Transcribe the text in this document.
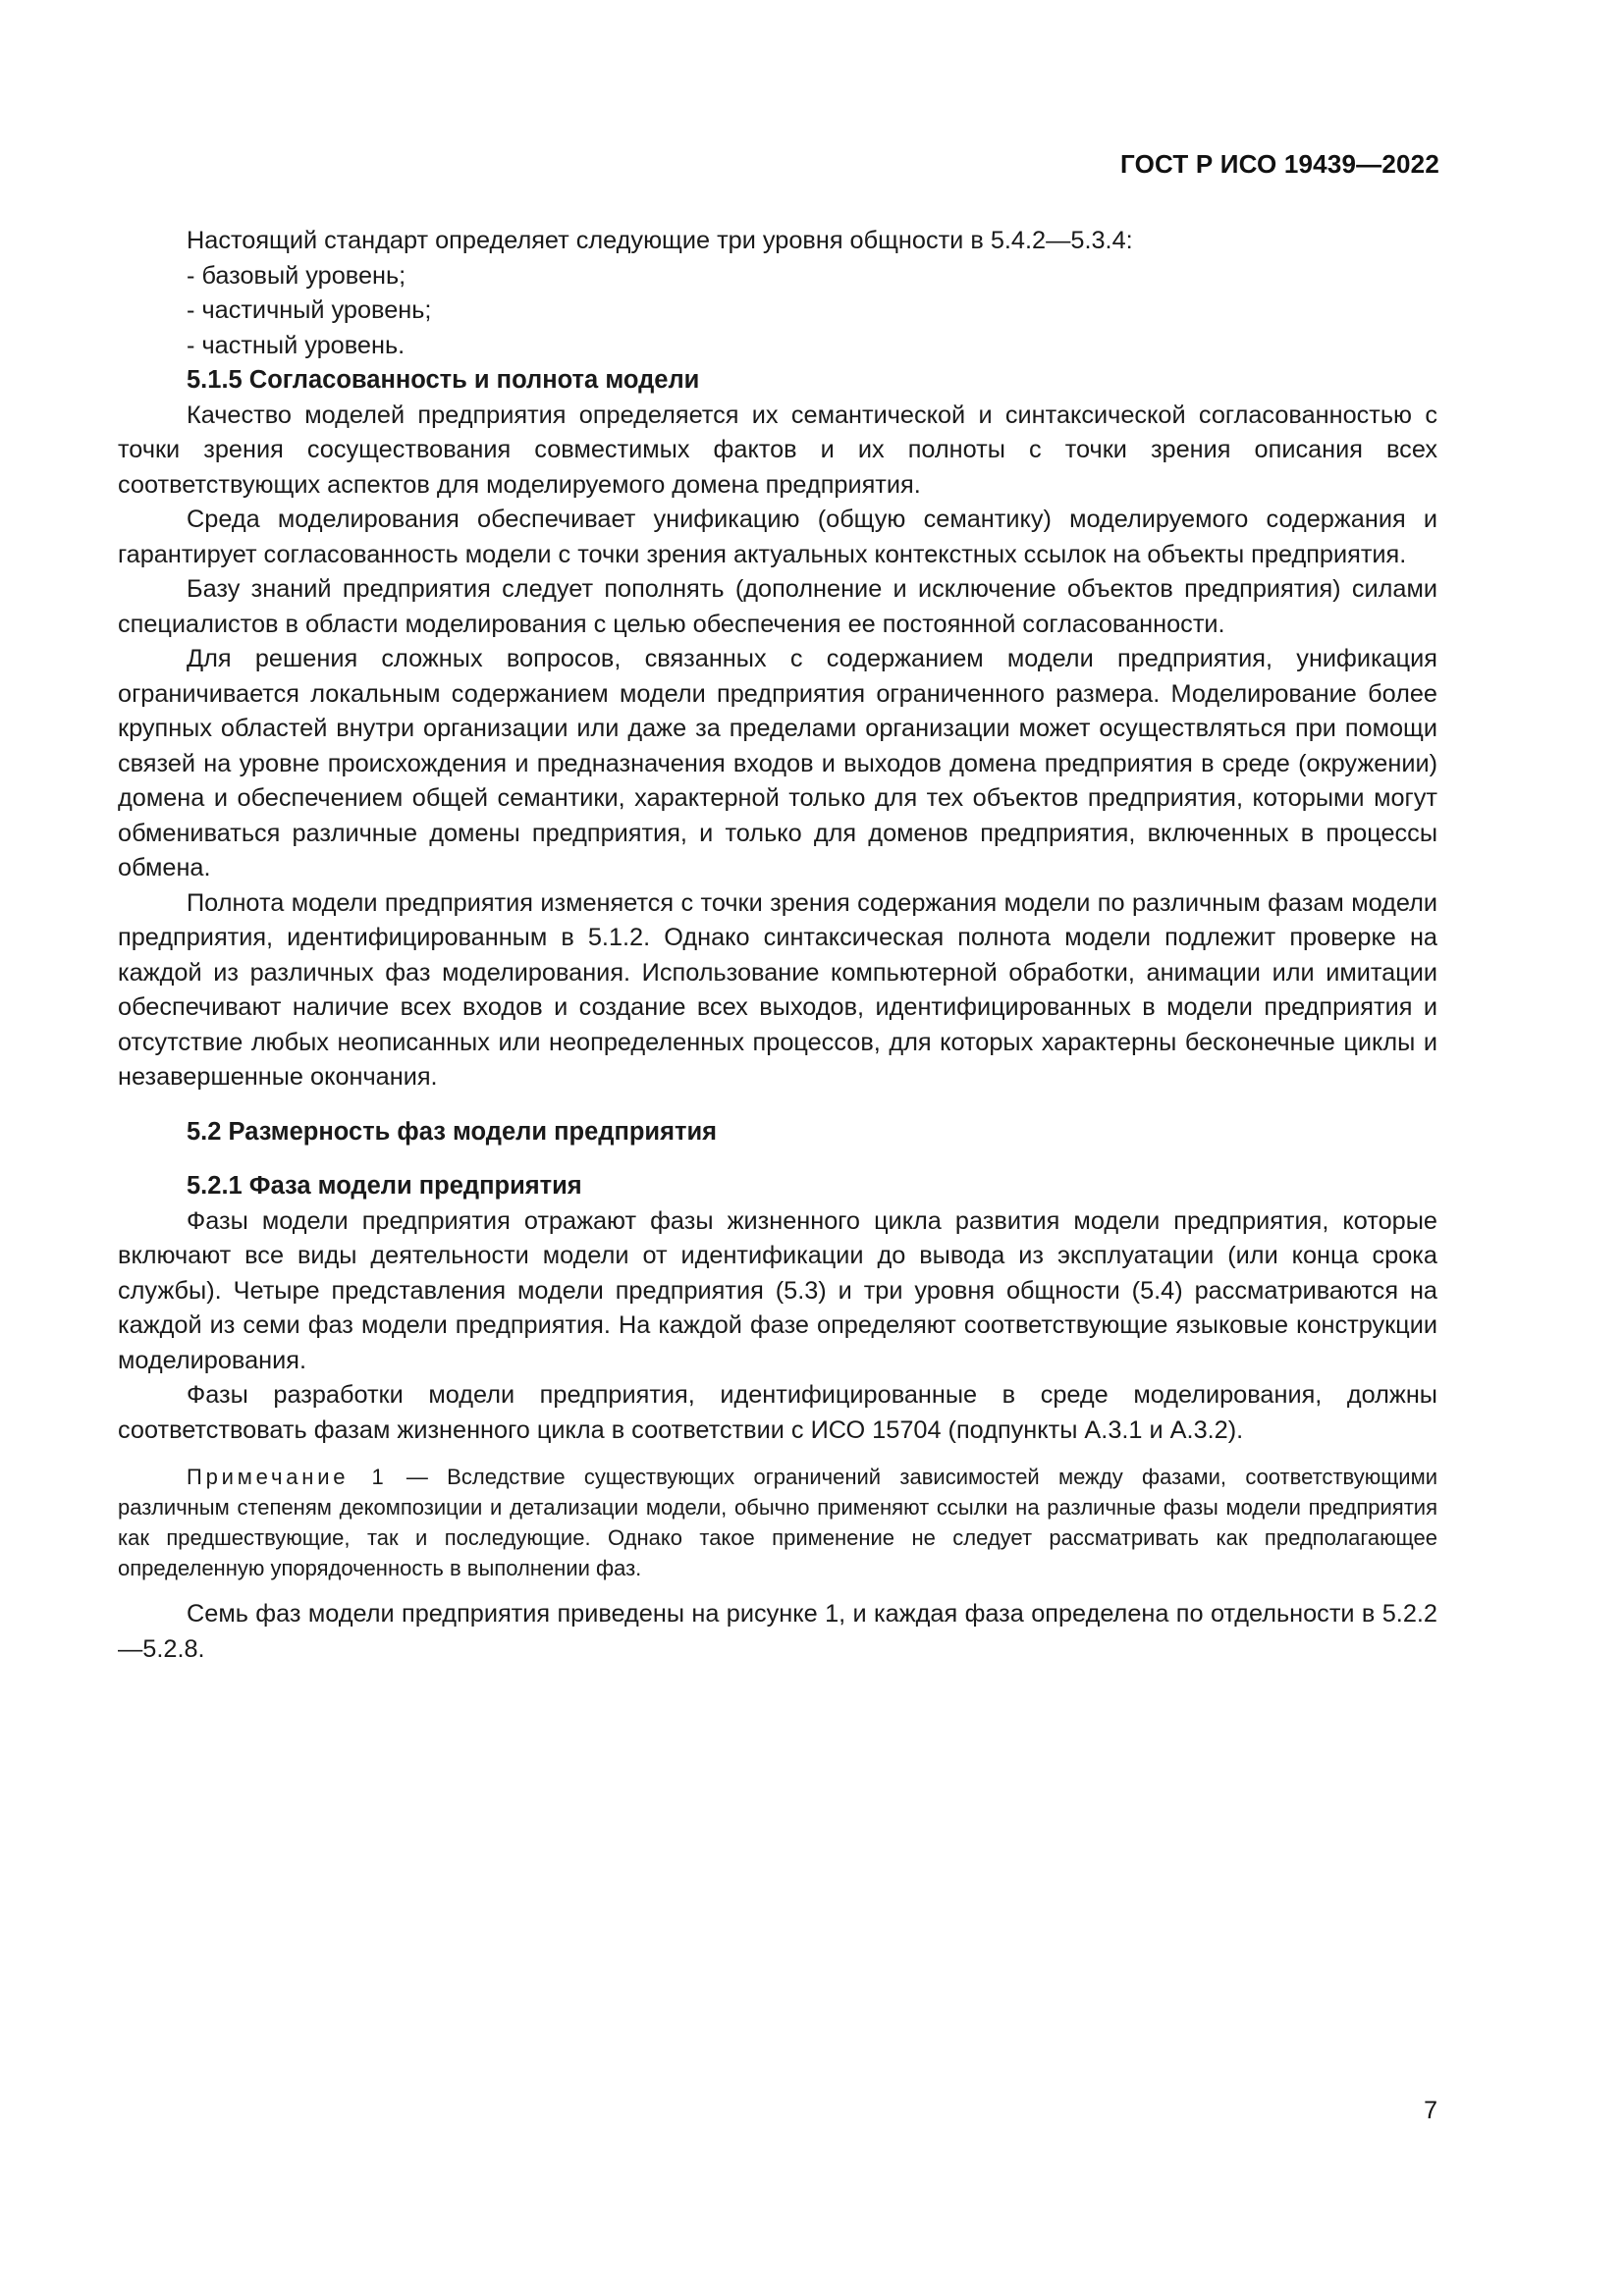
ГОСТ Р ИСО 19439—2022

Настоящий стандарт определяет следующие три уровня общности в 5.4.2—5.3.4:

- базовый уровень;
- частичный уровень;
- частный уровень.

5.1.5 Согласованность и полнота модели

Качество моделей предприятия определяется их семантической и синтаксической согласованностью с точки зрения сосуществования совместимых фактов и их полноты с точки зрения описания всех соответствующих аспектов для моделируемого домена предприятия.

Среда моделирования обеспечивает унификацию (общую семантику) моделируемого содержания и гарантирует согласованность модели с точки зрения актуальных контекстных ссылок на объекты предприятия.

Базу знаний предприятия следует пополнять (дополнение и исключение объектов предприятия) силами специалистов в области моделирования с целью обеспечения ее постоянной согласованности.

Для решения сложных вопросов, связанных с содержанием модели предприятия, унификация ограничивается локальным содержанием модели предприятия ограниченного размера. Моделирование более крупных областей внутри организации или даже за пределами организации может осуществляться при помощи связей на уровне происхождения и предназначения входов и выходов домена предприятия в среде (окружении) домена и обеспечением общей семантики, характерной только для тех объектов предприятия, которыми могут обмениваться различные домены предприятия, и только для доменов предприятия, включенных в процессы обмена.

Полнота модели предприятия изменяется с точки зрения содержания модели по различным фазам модели предприятия, идентифицированным в 5.1.2. Однако синтаксическая полнота модели подлежит проверке на каждой из различных фаз моделирования. Использование компьютерной обработки, анимации или имитации обеспечивают наличие всех входов и создание всех выходов, идентифицированных в модели предприятия и отсутствие любых неописанных или неопределенных процессов, для которых характерны бесконечные циклы и незавершенные окончания.

5.2 Размерность фаз модели предприятия

5.2.1 Фаза модели предприятия

Фазы модели предприятия отражают фазы жизненного цикла развития модели предприятия, которые включают все виды деятельности модели от идентификации до вывода из эксплуатации (или конца срока службы). Четыре представления модели предприятия (5.3) и три уровня общности (5.4) рассматриваются на каждой из семи фаз модели предприятия. На каждой фазе определяют соответствующие языковые конструкции моделирования.

Фазы разработки модели предприятия, идентифицированные в среде моделирования, должны соответствовать фазам жизненного цикла в соответствии с ИСО 15704 (подпункты А.3.1 и А.3.2).

Примечание 1 — Вследствие существующих ограничений зависимостей между фазами, соответствующими различным степеням декомпозиции и детализации модели, обычно применяют ссылки на различные фазы модели предприятия как предшествующие, так и последующие. Однако такое применение не следует рассматривать как предполагающее определенную упорядоченность в выполнении фаз.

Семь фаз модели предприятия приведены на рисунке 1, и каждая фаза определена по отдельности в 5.2.2—5.2.8.

7
